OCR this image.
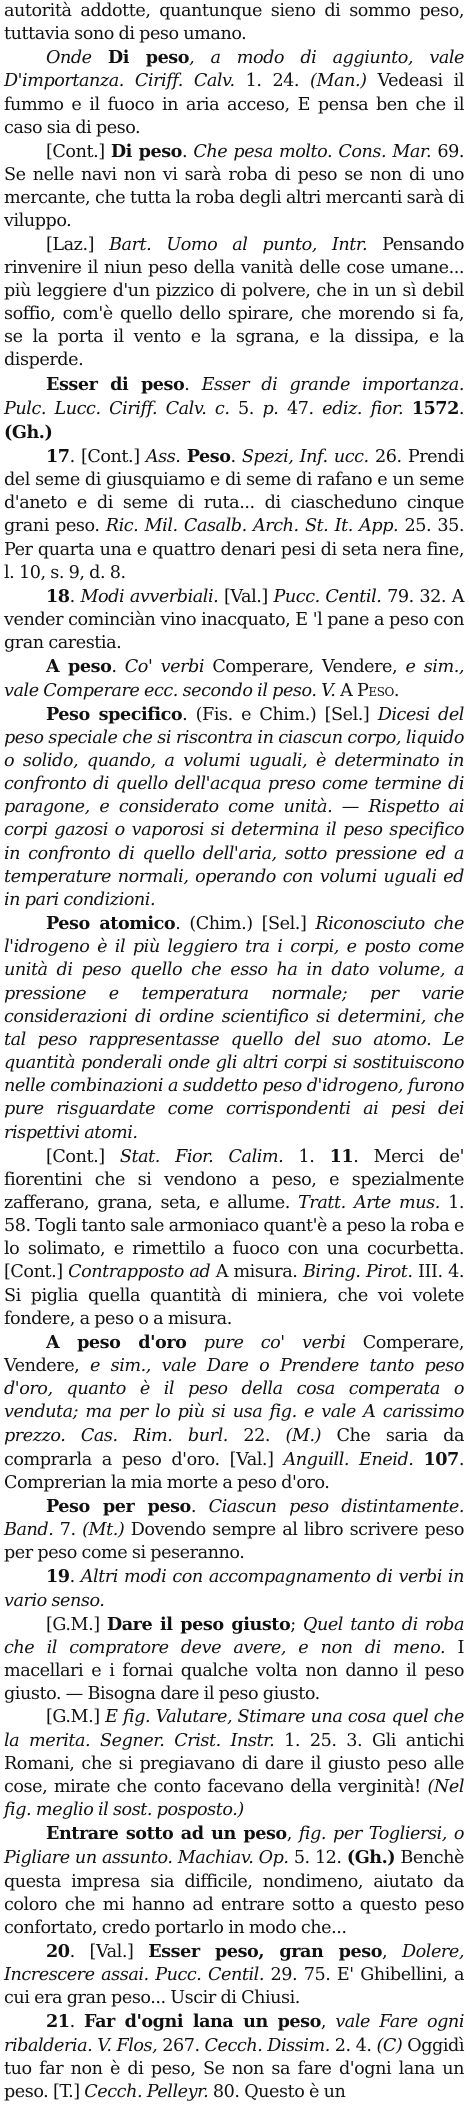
autorità addotte, quantunque sieno di sommo peso, tuttavia sono di peso umano.

Onde Di peso, a modo di aggiunto, vale D'importanza. Ciriff. Calv. 1. 24. (Man.) Vedeasi il fummo e il fuoco in aria acceso, E pensa ben che il caso sia di peso.

[Cont.] Di peso. Che pesa molto. Cons. Mar. 69. Se nelle navi non vi sarà roba di peso se non di uno mercante, che tutta la roba degli altri mercanti sarà di viluppo.

[Laz.] Bart. Uomo al punto, Intr. Pensando rinvenire il niun peso della vanità delle cose umane... più leggiere d'un pizzico di polvere, che in un sì debil soffio, com'è quello dello spirare, che morendo si fa, se la porta il vento e la sgrana, e la dissipa, e la disperde.

Esser di peso. Esser di grande importanza. Pulc. Lucc. Ciriff. Calv. c. 5. p. 47. ediz. fior. 1572. (Gh.)

17. [Cont.] Ass. Peso. Spezi, Inf. ucc. 26. Prendi del seme di giusquiamo e di seme di rafano e un seme d'aneto e di seme di ruta... di ciascheduno cinque grani peso. Ric. Mil. Casalb. Arch. St. It. App. 25. 35. Per quarta una e quattro denari pesi di seta nera fine, l. 10, s. 9, d. 8.

18. Modi avverbiali. [Val.] Pucc. Centil. 79. 32. A vender cominciàn vino inacquato, E 'l pane a peso con gran carestia.

A peso. Co' verbi Comperare, Vendere, e sim., vale Comperare ecc. secondo il peso. V. A Peso.

Peso specifico. (Fis. e Chim.) [Sel.] Dicesi del peso speciale che si riscontra in ciascun corpo, liquido o solido, quando, a volumi uguali, è determinato in confronto di quello dell'acqua preso come termine di paragone, e considerato come unità. — Rispetto ai corpi gazosi o vaporosi si determina il peso specifico in confronto di quello dell'aria, sotto pressione ed a temperature normali, operando con volumi uguali ed in pari condizioni.

Peso atomico. (Chim.) [Sel.] Riconosciuto che l'idrogeno è il più leggiero tra i corpi, e posto come unità di peso quello che esso ha in dato volume, a pressione e temperatura normale; per varie considerazioni di ordine scientifico si determini, che tal peso rappresentasse quello del suo atomo. Le quantità ponderali onde gli altri corpi si sostituiscono nelle combinazioni a suddetto peso d'idrogeno, furono pure risguardate come corrispondenti ai pesi dei rispettivi atomi.

[Cont.] Stat. Fior. Calim. 1. 11. Merci de' fiorentini che si vendono a peso, e spezialmente zafferano, grana, seta, e allume. Tratt. Arte mus. 1. 58. Togli tanto sale armoniaco quant'è a peso la roba e lo solimato, e rimettilo a fuoco con una cocurbetta. [Cont.] Contrapposto ad A misura. Biring. Pirot. III. 4. Si piglia quella quantità di miniera, che voi volete fondere, a peso o a misura.

A peso d'oro pure co' verbi Comperare, Vendere, e sim., vale Dare o Prendere tanto peso d'oro, quanto è il peso della cosa comperata o venduta; ma per lo più si usa fig. e vale A carissimo prezzo. Cas. Rim. burl. 22. (M.) Che saria da comprarla a peso d'oro. [Val.] Anguill. Eneid. 107. Comprerian la mia morte a peso d'oro.

Peso per peso. Ciascun peso distintamente. Band. 7. (Mt.) Dovendo sempre al libro scrivere peso per peso come si peseranno.

19. Altri modi con accompagnamento di verbi in vario senso.

[G.M.] Dare il peso giusto; Quel tanto di roba che il compratore deve avere, e non di meno. I macellari e i fornai qualche volta non danno il peso giusto. — Bisogna dare il peso giusto.

[G.M.] E fig. Valutare, Stimare una cosa quel che la merita. Segner. Crist. Instr. 1. 25. 3. Gli antichi Romani, che si pregiavano di dare il giusto peso alle cose, mirate che conto facevano della verginità! (Nel fig. meglio il sost. posposto.)

Entrare sotto ad un peso, fig. per Togliersi, o Pigliare un assunto. Machiav. Op. 5. 12. (Gh.) Benchè questa impresa sia difficile, nondimeno, aiutato da coloro che mi hanno ad entrare sotto a questo peso confortato, credo portarlo in modo che...

20. [Val.] Esser peso, gran peso, Dolere, Increscere assai. Pucc. Centil. 29. 75. E' Ghibellini, a cui era gran peso... Uscir di Chiusi.

21. Far d'ogni lana un peso, vale Fare ogni ribalderia. V. Flos, 267. Cecch. Dissim. 2. 4. (C) Oggidì tuo far non è di peso, Se non sa fare d'ogni lana un peso. [T.] Cecch. Pelleyr. 80. Questo è un
